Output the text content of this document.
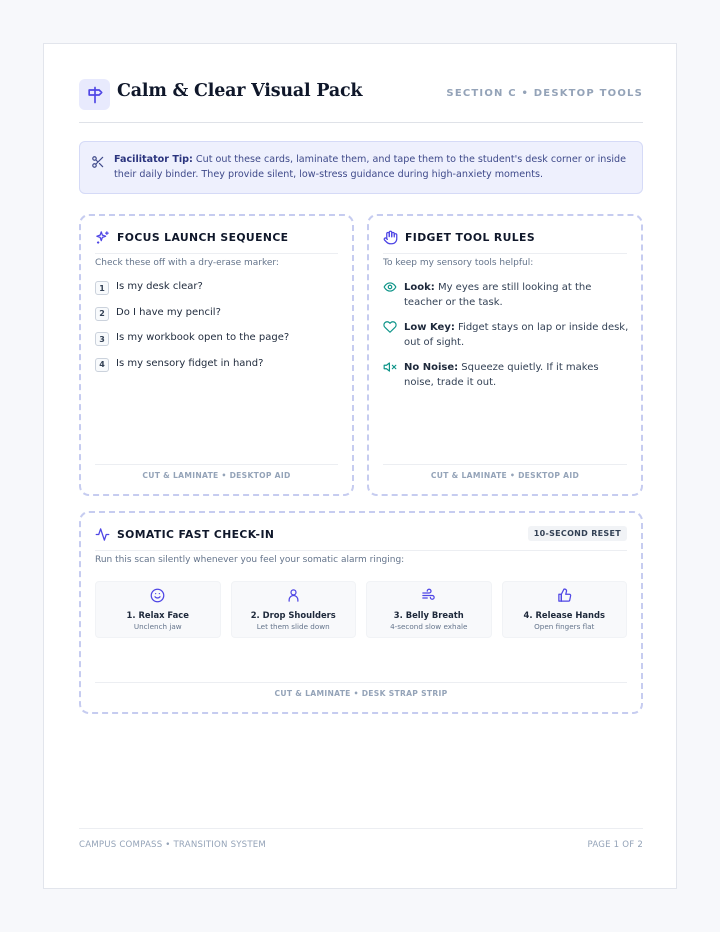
Calm & Clear Visual Pack	SECTION C • DESKTOP TOOLS
Facilitator Tip: Cut out these cards, laminate them, and tape them to the student's desk corner or inside their daily binder. They provide silent, low-stress guidance during high-anxiety moments.
FOCUS LAUNCH SEQUENCE
Check these off with a dry-erase marker:
1	Is my desk clear?
2	Do I have my pencil?
3	Is my workbook open to the page?
4	Is my sensory fidget in hand?
CUT & LAMINATE • DESKTOP AID
FIDGET TOOL RULES
To keep my sensory tools helpful:
Look: My eyes are still looking at the teacher or the task.
Low Key: Fidget stays on lap or inside desk, out of sight.
No Noise: Squeeze quietly. If it makes noise, trade it out.
CUT & LAMINATE • DESKTOP AID
SOMATIC FAST CHECK-IN	10-SECOND RESET
Run this scan silently whenever you feel your somatic alarm ringing:
1. Relax Face
Unclench jaw
2. Drop Shoulders
Let them slide down
3. Belly Breath
4-second slow exhale
4. Release Hands
Open fingers flat
CUT & LAMINATE • DESK STRAP STRIP
CAMPUS COMPASS • TRANSITION SYSTEM	PAGE 1 OF 2
